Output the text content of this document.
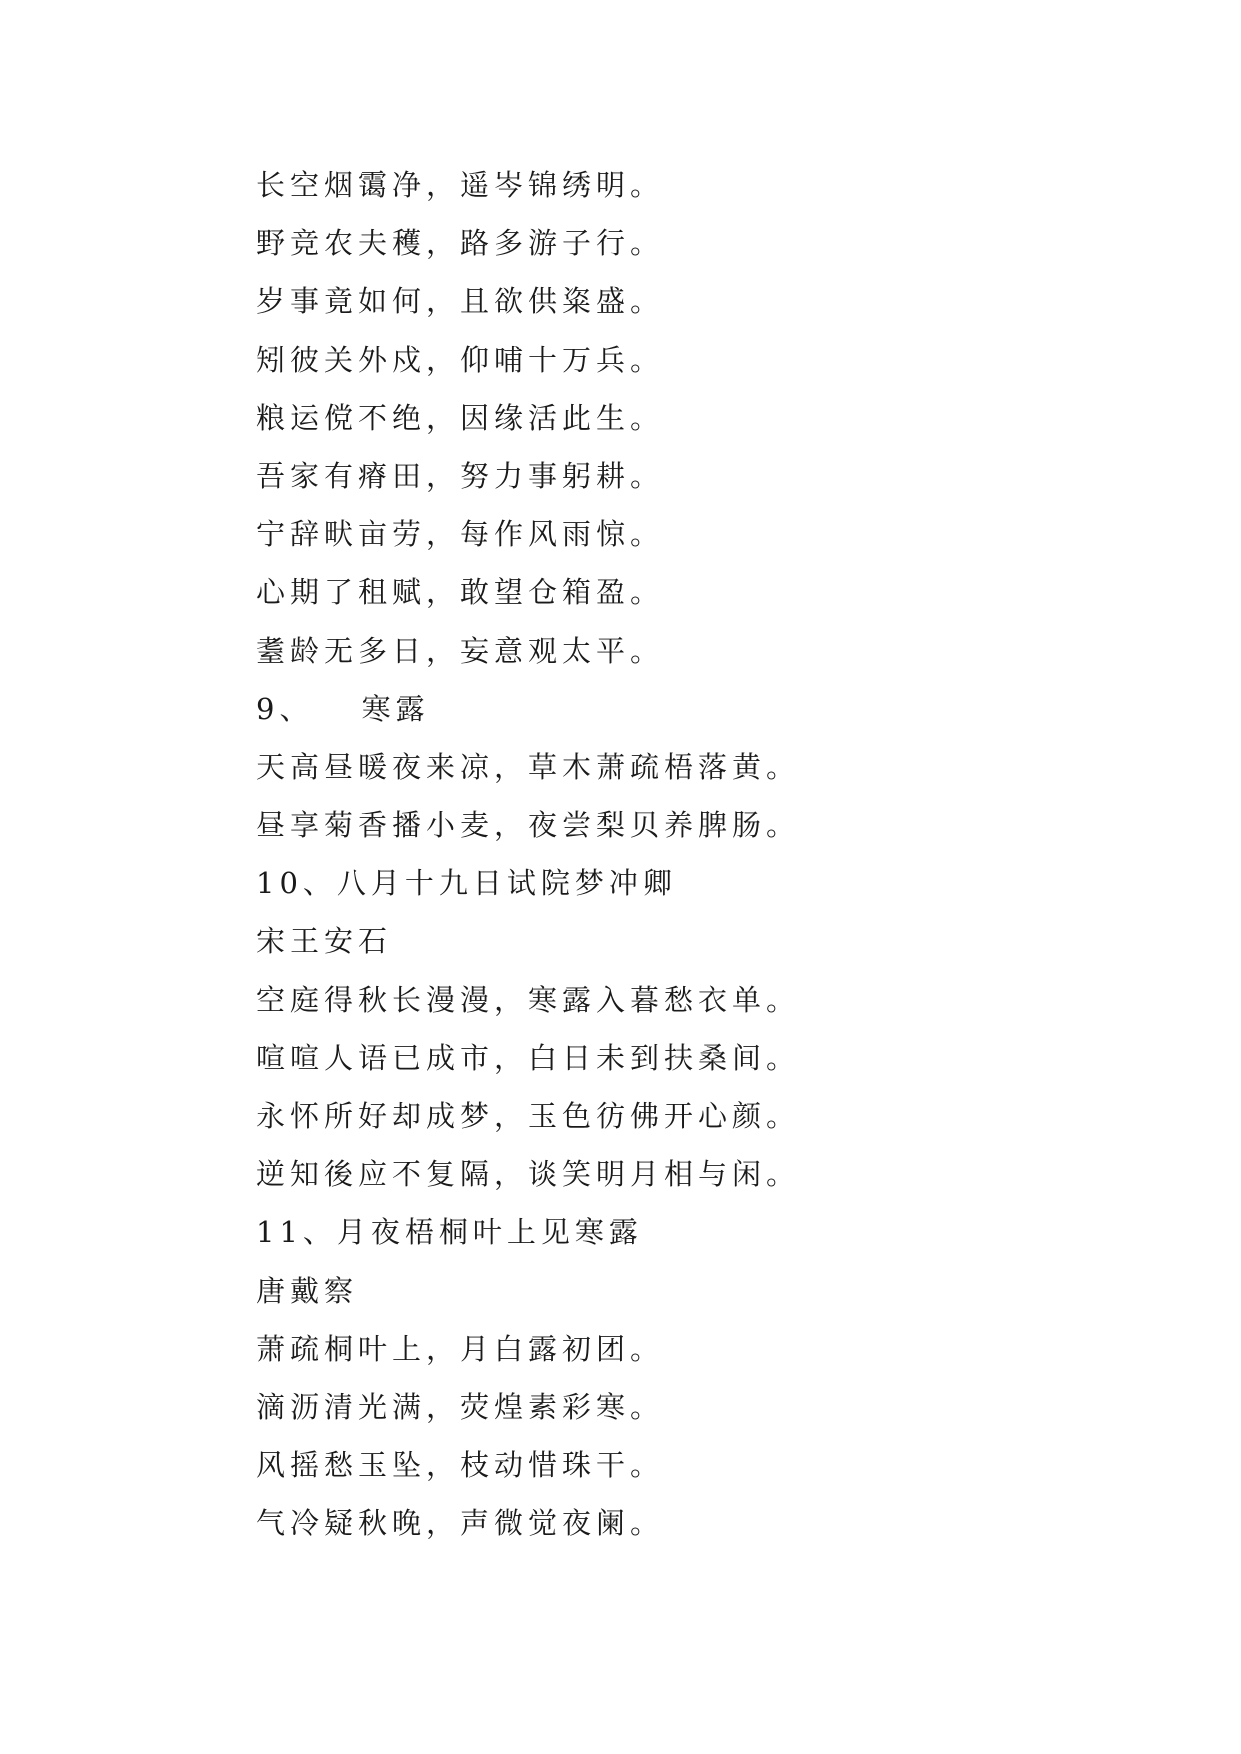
长空烟霭净，遥岑锦绣明。
野竞农夫穫，路多游子行。
岁事竟如何，且欲供粢盛。
矧彼关外戍，仰哺十万兵。
粮运傥不绝，因缘活此生。
吾家有瘠田，努力事躬耕。
宁辞畎亩劳，每作风雨惊。
心期了租赋，敢望仓箱盈。
耋龄无多日，妄意观太平。
9、 寒露
天高昼暖夜来凉，草木萧疏梧落黄。
昼享菊香播小麦，夜尝梨贝养脾肠。
10、八月十九日试院梦冲卿
宋王安石
空庭得秋长漫漫，寒露入暮愁衣单。
喧喧人语已成市，白日未到扶桑间。
永怀所好却成梦，玉色彷佛开心颜。
逆知後应不复隔，谈笑明月相与闲。
11、月夜梧桐叶上见寒露
唐戴察
萧疏桐叶上，月白露初团。
滴沥清光满，荧煌素彩寒。
风摇愁玉坠，枝动惜珠干。
气冷疑秋晚，声微觉夜阑。
